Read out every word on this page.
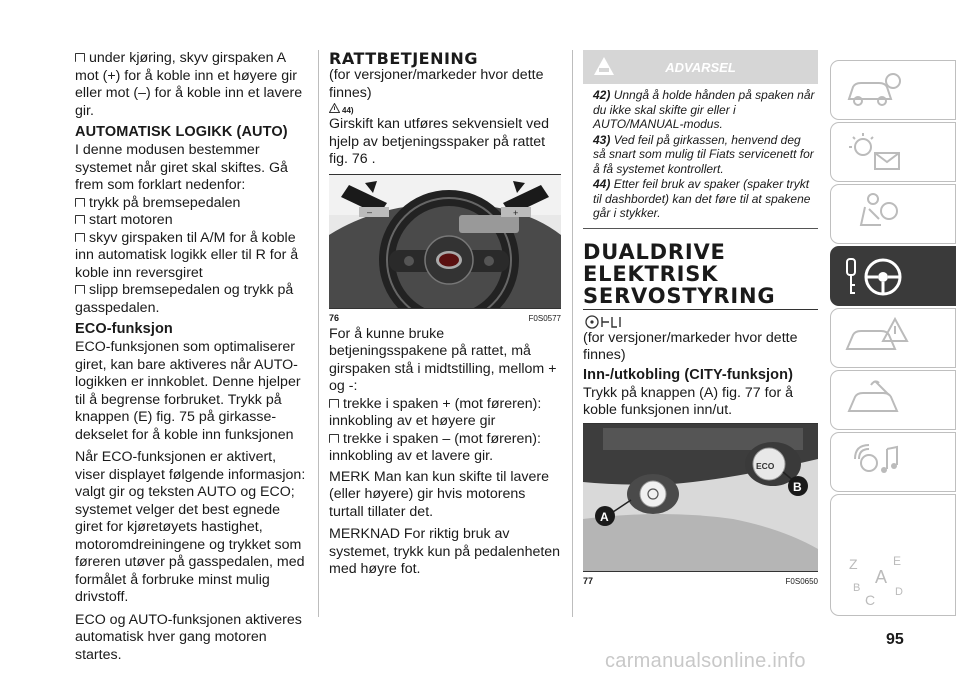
under kjøring, skyv girspaken A mot (+) for å koble inn et høyere gir eller mot (–) for å koble inn et lavere gir.

AUTOMATISK LOGIKK (AUTO)

I denne modusen bestemmer systemet når giret skal skiftes. Gå frem som forklart nedenfor:

trykk på bremsepedalen

start motoren

skyv girspaken til A/M for å koble inn automatisk logikk eller til R for å koble inn reversgiret

slipp bremsepedalen og trykk på gasspedalen.

ECO-funksjon

ECO-funksjonen som optimaliserer giret, kan bare aktiveres når AUTO-logikken er innkoblet. Denne hjelper til å begrense forbruket. Trykk på knappen (E) fig. 75 på girkasse-dekselet for å koble inn funksjonen

Når ECO-funksjonen er aktivert, viser displayet følgende informasjon: valgt gir og teksten AUTO og ECO; systemet velger det best egnede giret for kjøretøyets hastighet, motoromdreiningene og trykket som føreren utøver på gasspedalen, med formålet å forbruke minst mulig drivstoff.

ECO og AUTO-funksjonen aktiveres automatisk hver gang motoren startes.

RATTBETJENING

(for versjoner/markeder hvor dette finnes)

44)

Girskift kan utføres sekvensielt ved hjelp av betjeningsspaker på rattet fig. 76 .

–	+
76	F0S0577

For å kunne bruke betjeningsspakene på rattet, må girspaken stå i midtstilling, mellom + og -:

trekke i spaken + (mot føreren): innkobling av et høyere gir

trekke i spaken – (mot føreren): innkobling av et lavere gir.

MERK Man kan kun skifte til lavere (eller høyere) gir hvis motorens turtall tillater det.

MERKNAD For riktig bruk av systemet, trykk kun på pedalenheten med høyre fot.

ADVARSEL

42) Unngå å holde hånden på spaken når du ikke skal skifte gir eller i AUTO/MANUAL-modus.

43) Ved feil på girkassen, henvend deg så snart som mulig til Fiats servicenett for å få systemet kontrollert.

44) Etter feil bruk av spaker (spaker trykt til dashbordet) kan det føre til at spakene går i stykker.

DUALDRIVE
ELEKTRISK
SERVOSTYRING

(for versjoner/markeder hvor dette finnes)

Inn-/utkobling (CITY-funksjon)

Trykk på knappen (A) fig. 77 for å koble funksjonen inn/ut.

ECO
A
B
77	F0S0650
Z	E
A
B	D
C
95
carmanualsonline.info
